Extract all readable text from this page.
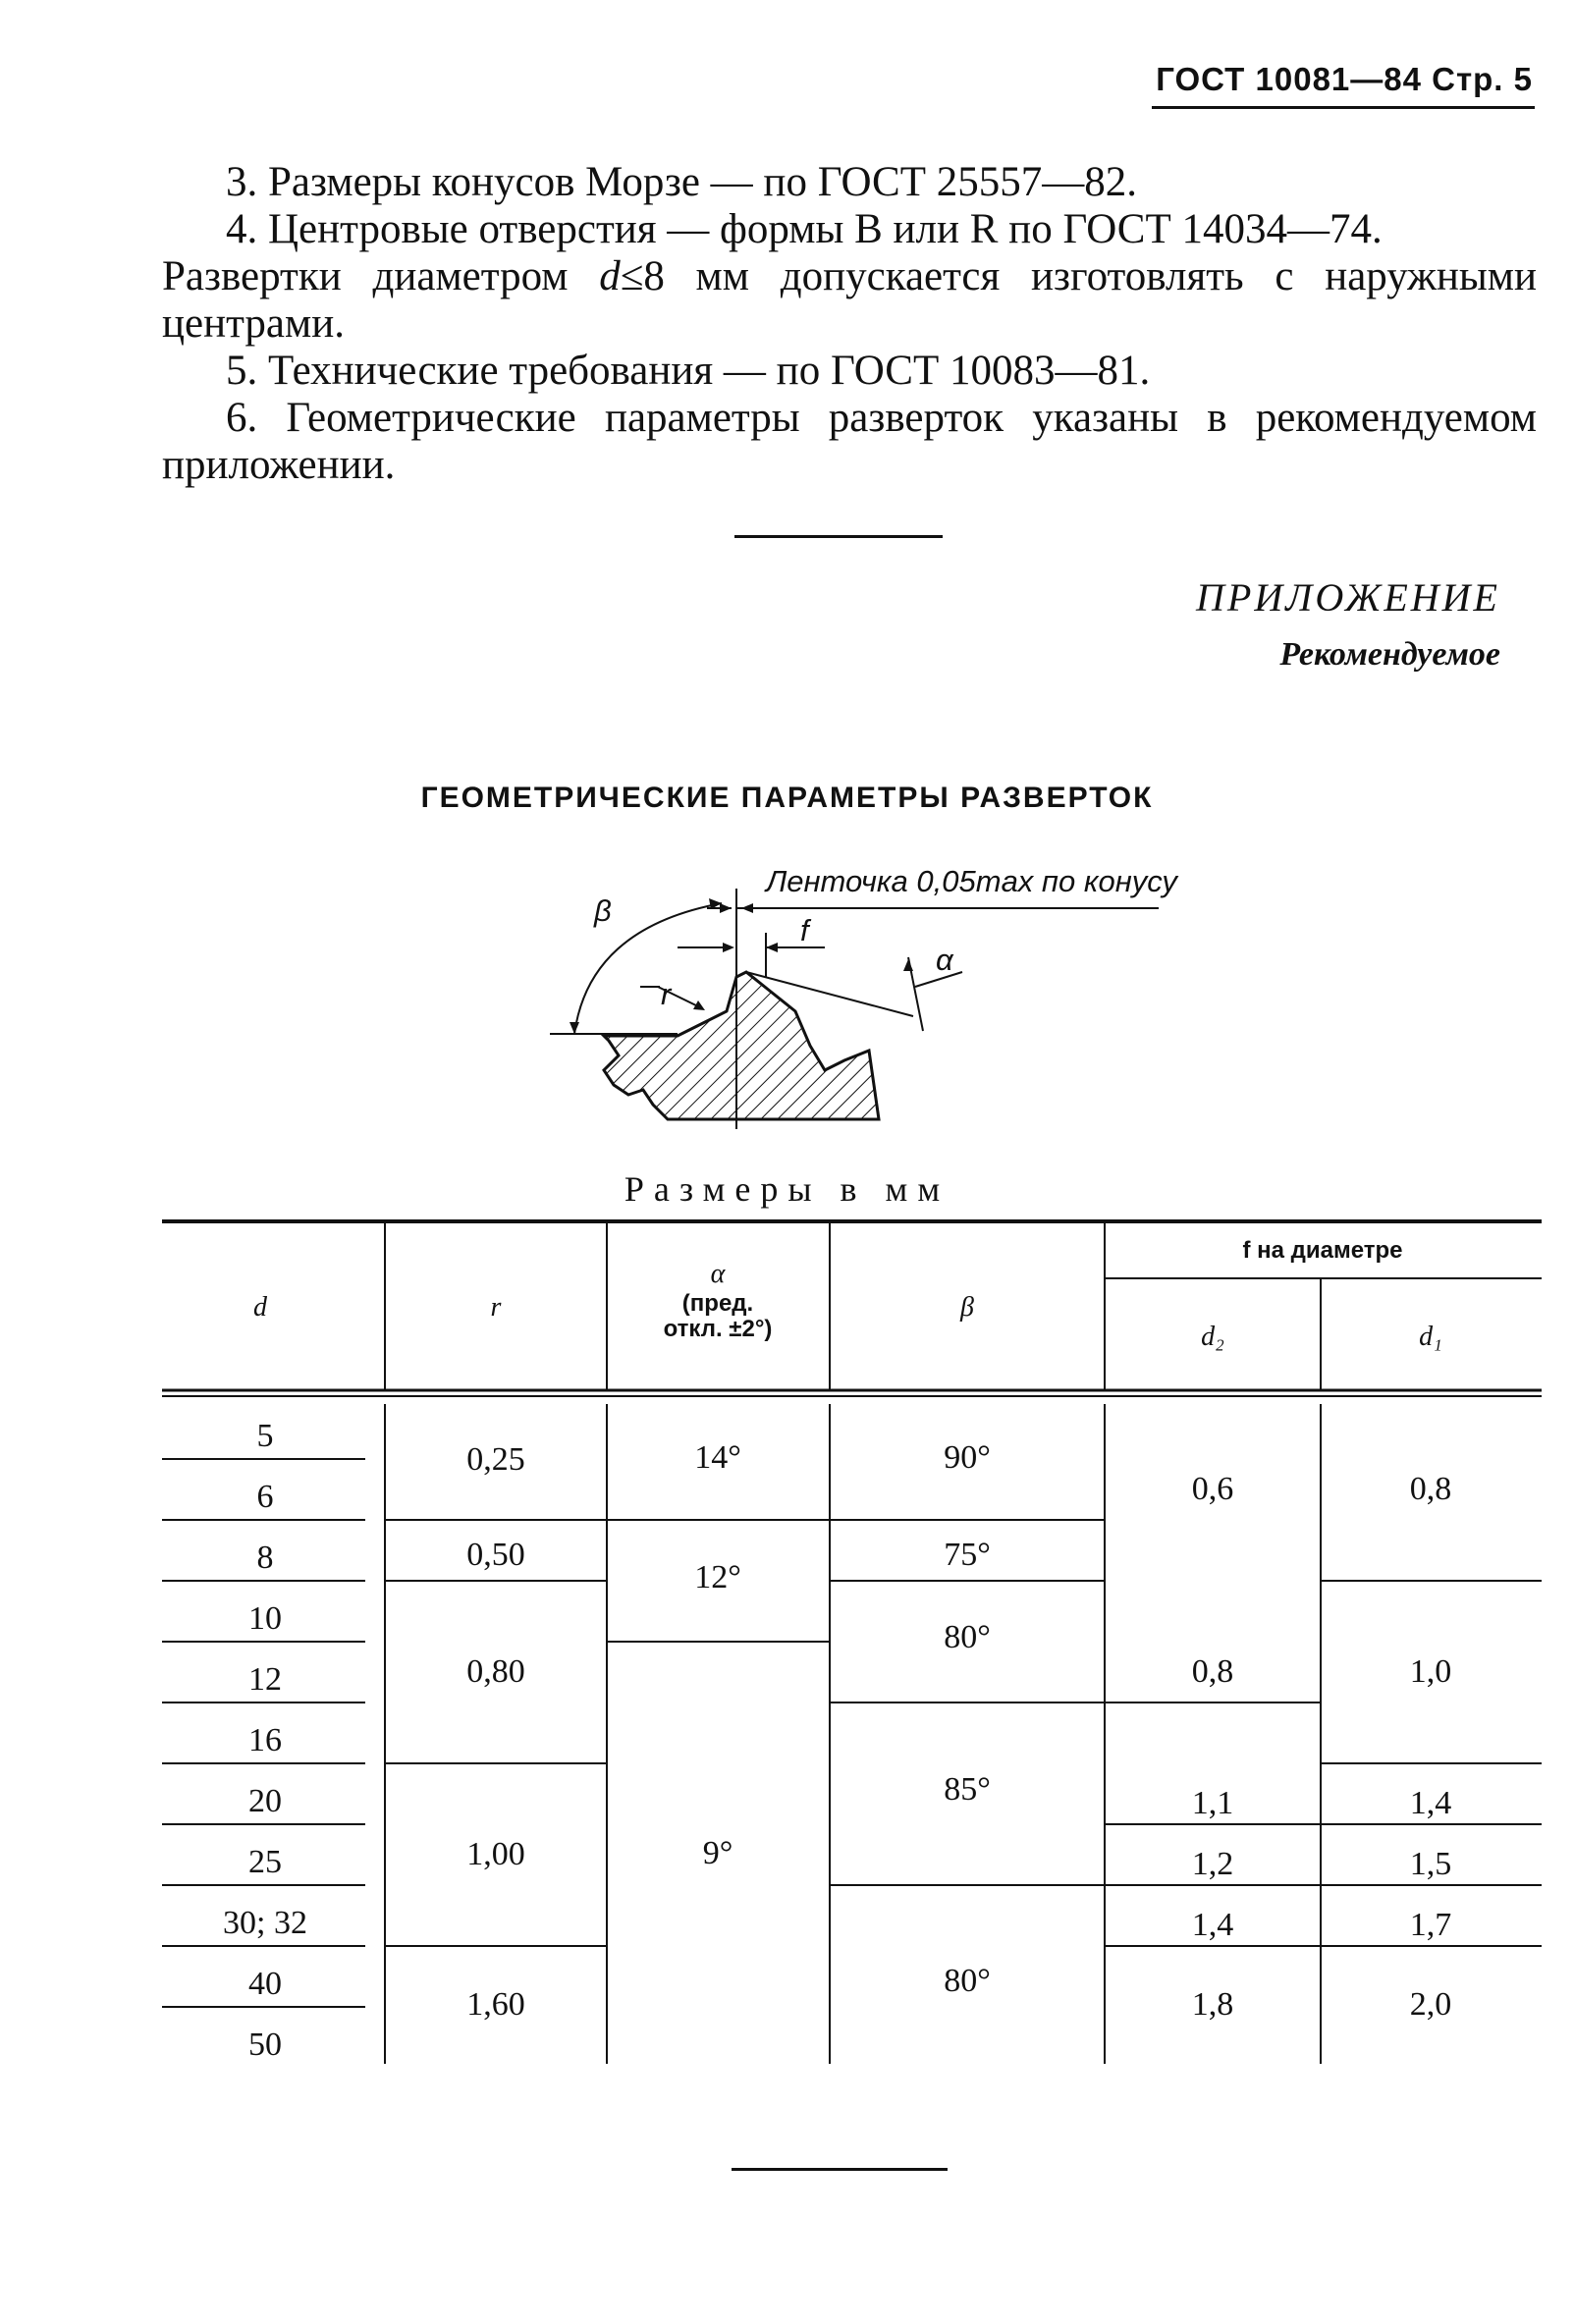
ГОСТ 10081—84 Стр. 5

3. Размеры конусов Морзе — по ГОСТ 25557—82.

4. Центровые отверстия — формы В или R по ГОСТ 14034—74.

Развертки диаметром d≤8 мм допускается изготовлять с наружными центрами.

5. Технические требования — по ГОСТ 10083—81.

6. Геометрические параметры разверток указаны в рекомендуемом приложении.

ПРИЛОЖЕНИЕ
Рекомендуемое
ГЕОМЕТРИЧЕСКИЕ ПАРАМЕТРЫ РАЗВЕРТОК
Ленточка 0,05max по конусу
β
f
r
α
Размеры в мм
d	r
α
(пред.
откл. ±2°)
β
f на диаметре
d₂	d₁
5
6
8
10
12
16
20
25
30; 32
40
50
0,25
0,50
0,80
1,00
1,60
14°
12°
9°
90°
75°
80°
85°
80°
0,6
0,8
1,1
1,2
1,4
1,8
0,8
1,0
1,4
1,5
1,7
2,0
